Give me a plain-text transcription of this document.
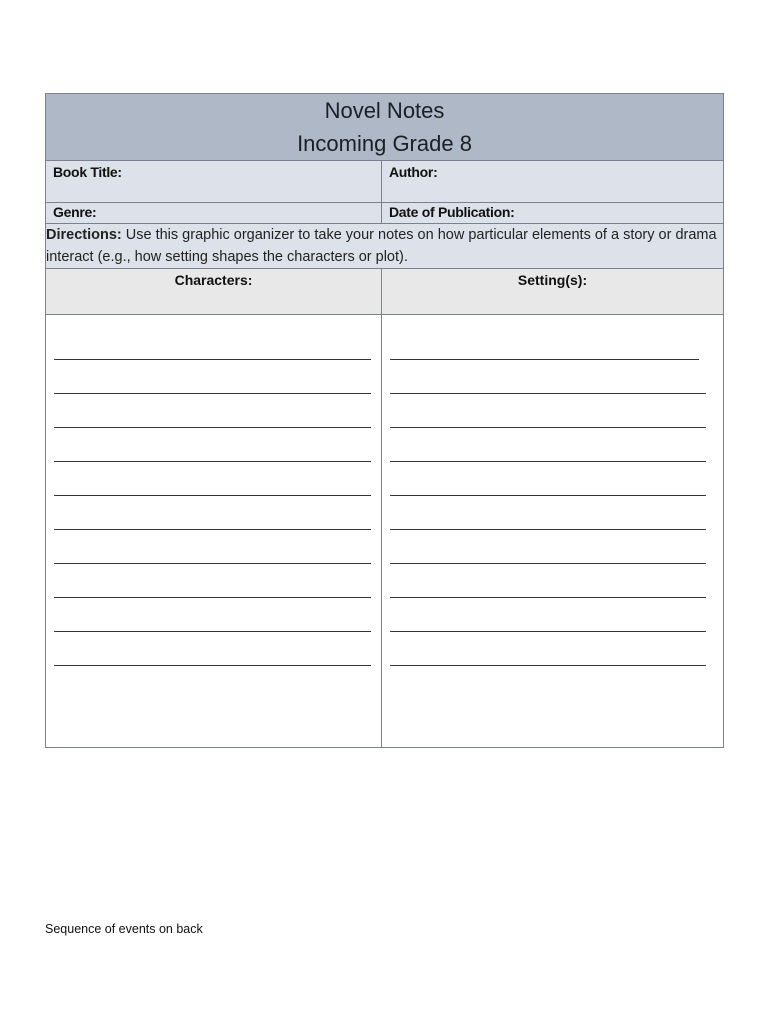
Novel Notes
Incoming Grade 8	

Book Title:	Author:

Genre:	Date of Publication:

Directions: Use this graphic organizer to take your notes on how particular elements of a story or drama interact (e.g., how setting shapes the characters or plot).	
Characters:	Setting(s):

Sequence of events on back
